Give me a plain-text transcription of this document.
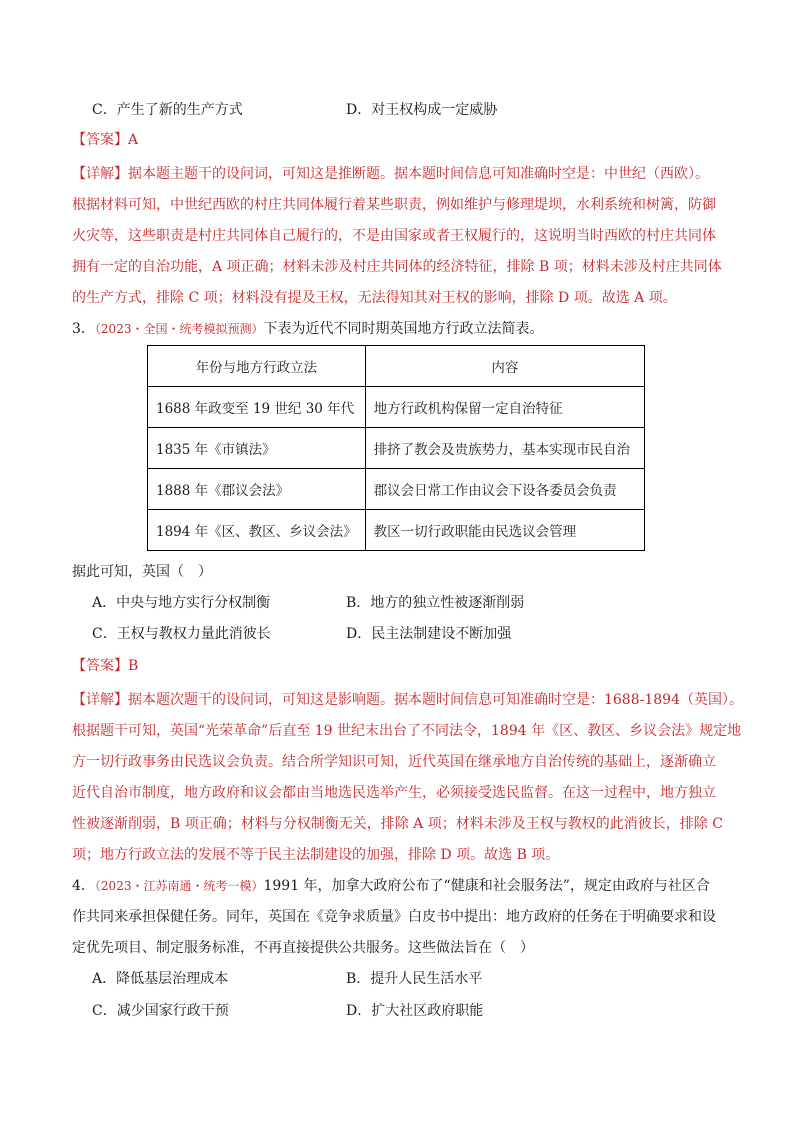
C．产生了新的生产方式	D．对王权构成一定威胁
【答案】A
【详解】据本题主题干的设问词，可知这是推断题。据本题时间信息可知准确时空是：中世纪（西欧）。
根据材料可知，中世纪西欧的村庄共同体履行着某些职责，例如维护与修理堤坝，水利系统和树篱，防御
火灾等，这些职责是村庄共同体自己履行的，不是由国家或者王权履行的，这说明当时西欧的村庄共同体
拥有一定的自治功能，A 项正确；材料未涉及村庄共同体的经济特征，排除 B 项；材料未涉及村庄共同体
的生产方式，排除 C 项；材料没有提及王权，无法得知其对王权的影响，排除 D 项。故选 A 项。
3．（2023・全国・统考模拟预测）下表为近代不同时期英国地方行政立法简表。
年份与地方行政立法	内容
1688 年政变至 19 世纪 30 年代	地方行政机构保留一定自治特征
1835 年《市镇法》	排挤了教会及贵族势力，基本实现市民自治
1888 年《郡议会法》	郡议会日常工作由议会下设各委员会负责
1894 年《区、教区、乡议会法》	教区一切行政职能由民选议会管理
据此可知，英国（　）
A．中央与地方实行分权制衡	B．地方的独立性被逐渐削弱
C．王权与教权力量此消彼长	D．民主法制建设不断加强
【答案】B
【详解】据本题次题干的设问词，可知这是影响题。据本题时间信息可知准确时空是：1688-1894（英国）。
根据题干可知，英国“光荣革命”后直至 19 世纪末出台了不同法令，1894 年《区、教区、乡议会法》规定地
方一切行政事务由民选议会负责。结合所学知识可知，近代英国在继承地方自治传统的基础上，逐渐确立
近代自治市制度，地方政府和议会都由当地选民选举产生，必须接受选民监督。在这一过程中，地方独立
性被逐渐削弱，B 项正确；材料与分权制衡无关，排除 A 项；材料未涉及王权与教权的此消彼长，排除 C
项；地方行政立法的发展不等于民主法制建设的加强，排除 D 项。故选 B 项。
4．（2023・江苏南通・统考一模）1991 年，加拿大政府公布了“健康和社会服务法”，规定由政府与社区合
作共同来承担保健任务。同年，英国在《竞争求质量》白皮书中提出：地方政府的任务在于明确要求和设
定优先项目、制定服务标准，不再直接提供公共服务。这些做法旨在（　）
A．降低基层治理成本	B．提升人民生活水平
C．减少国家行政干预	D．扩大社区政府职能
